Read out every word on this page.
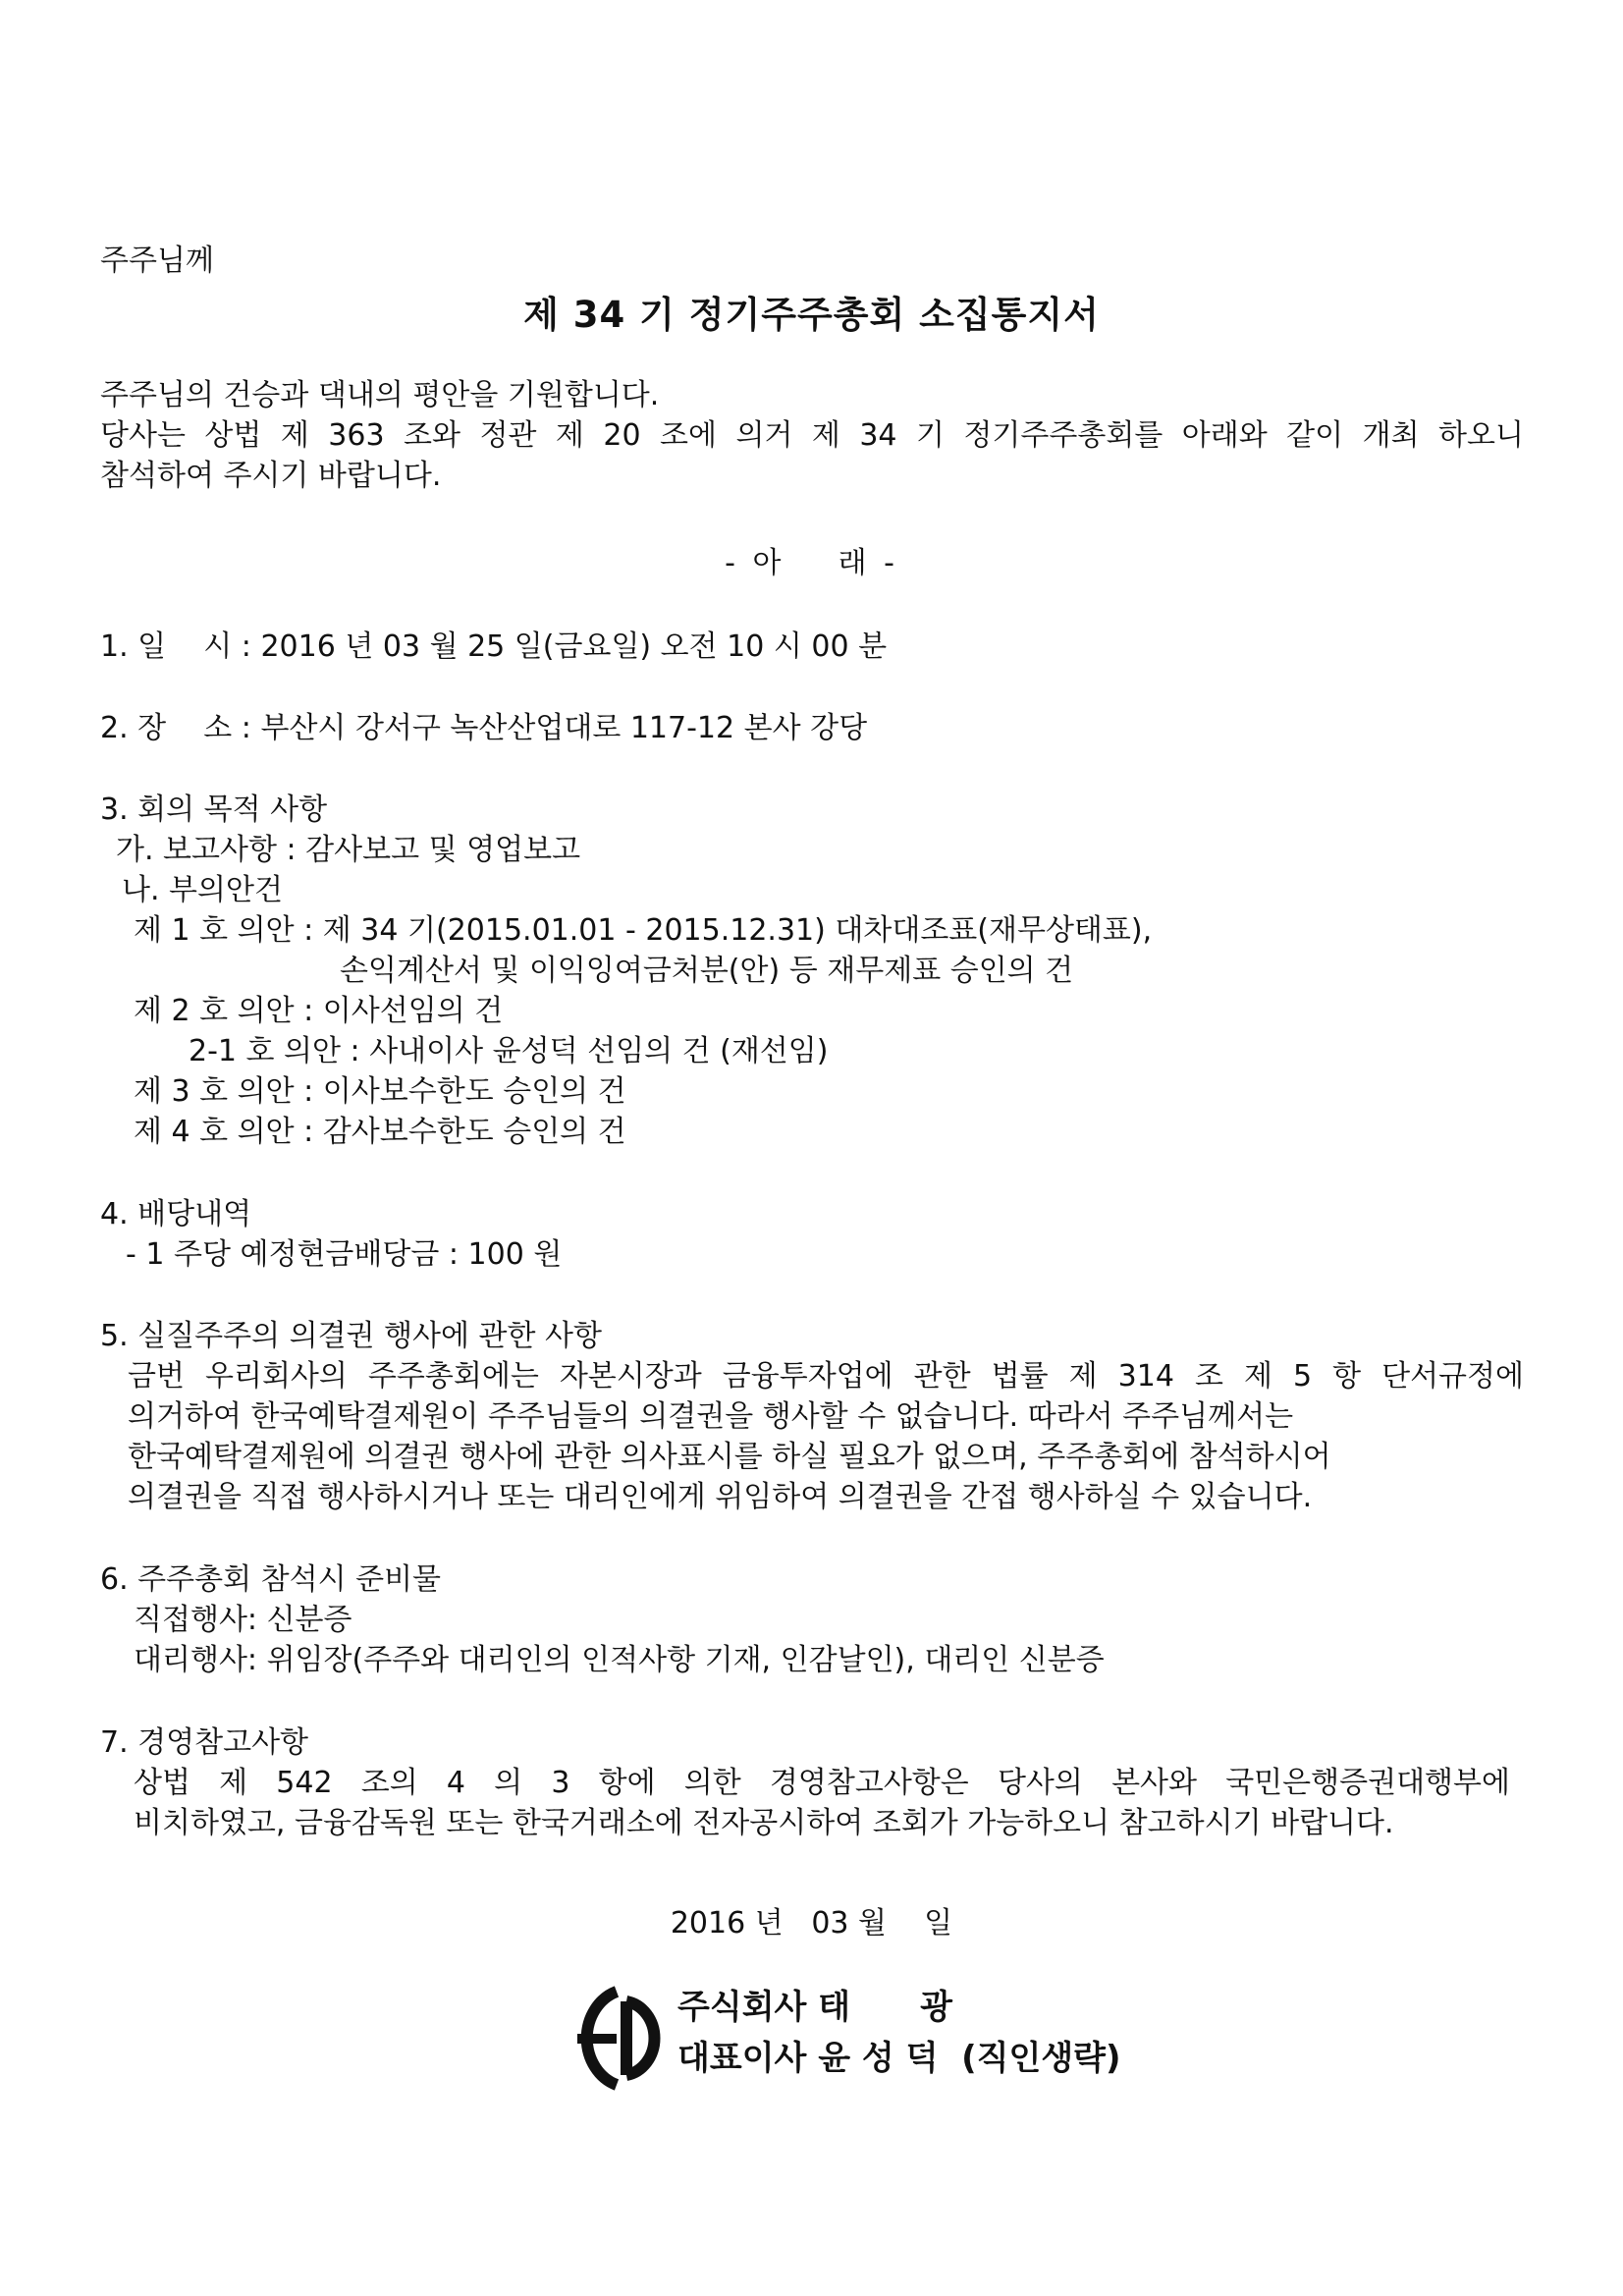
주주님께
제 34 기 정기주주총회 소집통지서
주주님의 건승과 댁내의 평안을 기원합니다.
당사는 상법 제 363 조와 정관 제 20 조에 의거 제 34 기 정기주주총회를 아래와 같이 개최 하오니
참석하여 주시기 바랍니다.
- 아    래 -
1. 일    시 : 2016 년 03 월 25 일(금요일) 오전 10 시 00 분
2. 장    소 : 부산시 강서구 녹산산업대로 117-12 본사 강당
3. 회의 목적 사항
가. 보고사항 : 감사보고 및 영업보고
나. 부의안건
제 1 호 의안 : 제 34 기(2015.01.01 - 2015.12.31) 대차대조표(재무상태표),
손익계산서 및 이익잉여금처분(안) 등 재무제표 승인의 건
제 2 호 의안 : 이사선임의 건
2-1 호 의안 : 사내이사 윤성덕 선임의 건 (재선임)
제 3 호 의안 : 이사보수한도 승인의 건
제 4 호 의안 : 감사보수한도 승인의 건
4. 배당내역
- 1 주당 예정현금배당금 : 100 원
5. 실질주주의 의결권 행사에 관한 사항
금번 우리회사의 주주총회에는 자본시장과 금융투자업에 관한 법률 제 314 조 제 5 항 단서규정에
의거하여 한국예탁결제원이 주주님들의 의결권을 행사할 수 없습니다. 따라서 주주님께서는
한국예탁결제원에 의결권 행사에 관한 의사표시를 하실 필요가 없으며, 주주총회에 참석하시어
의결권을 직접 행사하시거나 또는 대리인에게 위임하여 의결권을 간접 행사하실 수 있습니다.
6. 주주총회 참석시 준비물
직접행사: 신분증
대리행사: 위임장(주주와 대리인의 인적사항 기재, 인감날인), 대리인 신분증
7. 경영참고사항
상법 제 542 조의 4 의 3 항에 의한 경영참고사항은 당사의 본사와 국민은행증권대행부에
비치하였고, 금융감독원 또는 한국거래소에 전자공시하여 조회가 가능하오니 참고하시기 바랍니다.
2016 년   03 월    일
주식회사 태      광
대표이사 윤 성 덕  (직인생략)
